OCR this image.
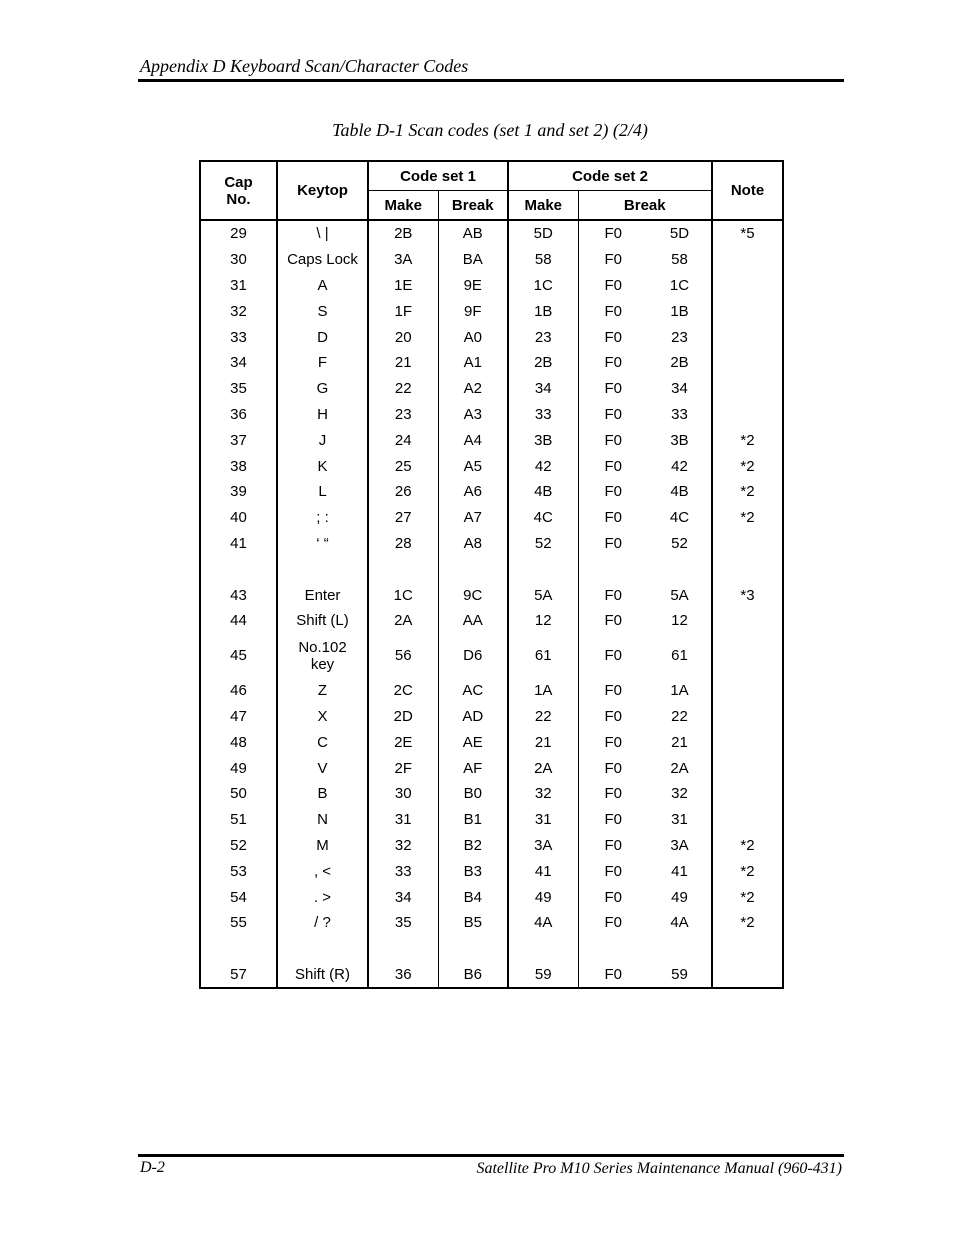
Appendix D Keyboard Scan/Character Codes
Table D-1 Scan codes (set 1 and set 2) (2/4)
Cap
No.	Keytop	Code set 1		Code set 2			Note
		Make	Break	Make	Break		
29	\ |	2B	AB	5D	F0	5D	*5
30	Caps Lock	3A	BA	58	F0	58	
31	A	1E	9E	1C	F0	1C	
32	S	1F	9F	1B	F0	1B	
33	D	20	A0	23	F0	23	
34	F	21	A1	2B	F0	2B	
35	G	22	A2	34	F0	34	
36	H	23	A3	33	F0	33	
37	J	24	A4	3B	F0	3B	*2
38	K	25	A5	42	F0	42	*2
39	L	26	A6	4B	F0	4B	*2
40	; :	27	A7	4C	F0	4C	*2
41	‘ “	28	A8	52	F0	52	

43	Enter	1C	9C	5A	F0	5A	*3
44	Shift (L)	2A	AA	12	F0	12	
45	No.102
key	56	D6	61	F0	61	
46	Z	2C	AC	1A	F0	1A	
47	X	2D	AD	22	F0	22	
48	C	2E	AE	21	F0	21	
49	V	2F	AF	2A	F0	2A	
50	B	30	B0	32	F0	32	
51	N	31	B1	31	F0	31	
52	M	32	B2	3A	F0	3A	*2
53	, <	33	B3	41	F0	41	*2
54	. >	34	B4	49	F0	49	*2
55	/ ?	35	B5	4A	F0	4A	*2

57	Shift (R)	36	B6	59	F0	59	
D-2	Satellite Pro M10 Series Maintenance Manual (960-431)
